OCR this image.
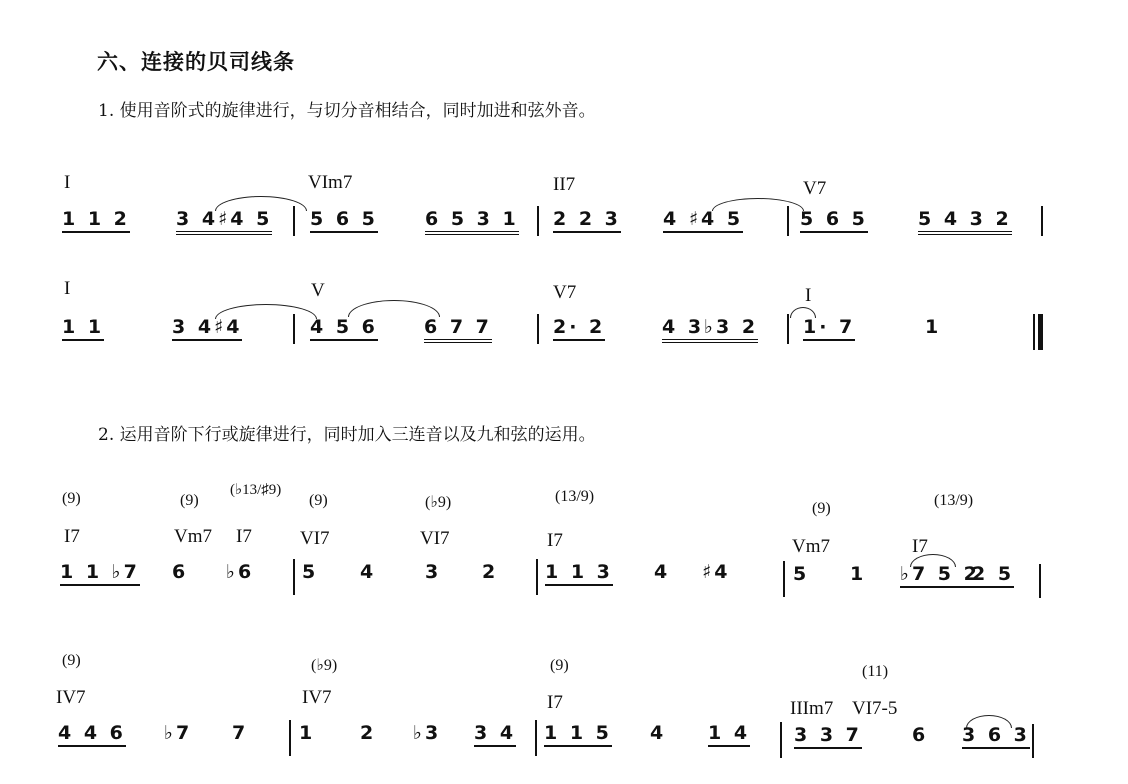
六、连接的贝司线条
1. 使用音阶式的旋律进行，与切分音相结合，同时加进和弦外音。
2. 运用音阶下行或旋律进行，同时加入三连音以及九和弦的运用。
I	VIm7	II7	V7
1 1 2 3 4♯4 5 5 6 5 6 5 3 1 2 2 3 4 ♯4 5	5 6 5	5 4 3 2
I	V	V7	I
1 1	3 4♯4	4 5 6 6 7 7	2· 2	4 3♭3 2 1· 7	1
(9)	(9)
(♭13/♯9)
(9)	(♭9)	(13/9)
(9)	(13/9)
I7	Vm7 I7	VI7	VI7	I7	Vm7	I7
1 1 ♭7 6 ♭6	5 4	3 2 1 1 3 4 ♯4	5 1 ♭7 5 2
2 5
(9)	(♭9)	(9)	(11)
IV7	IV7	I7	IIIm7 VI7-5
4 4 6 ♭7 7	1 2 ♭3 3 4 1 1 5 4 1 4 3 3 7	6 3 6 3
